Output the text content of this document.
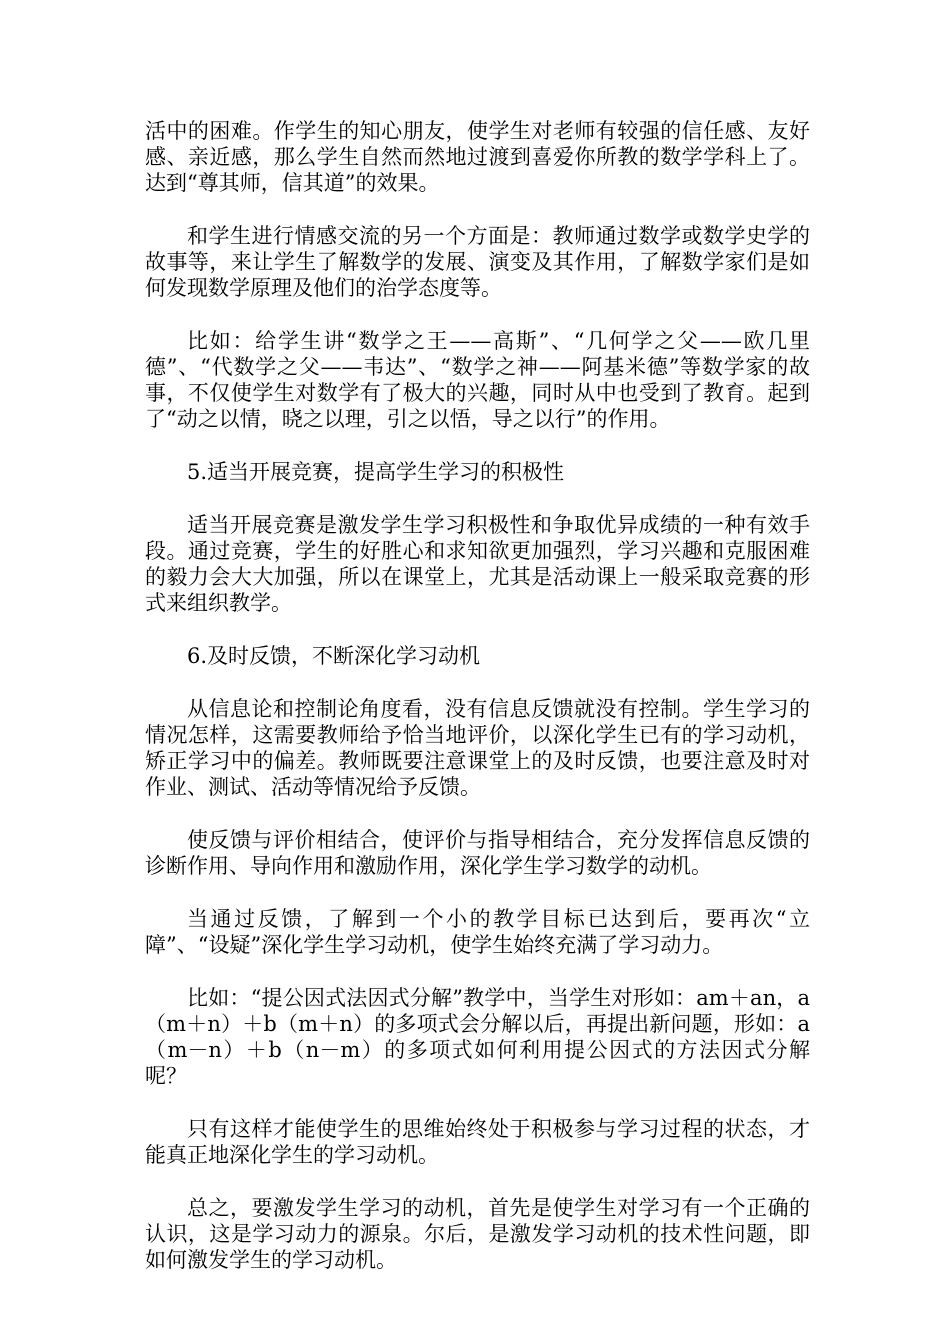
活中的困难。作学生的知心朋友，使学生对老师有较强的信任感、友好感、亲近感，那么学生自然而然地过渡到喜爱你所教的数学学科上了。达到“尊其师，信其道”的效果。

和学生进行情感交流的另一个方面是：教师通过数学或数学史学的故事等，来让学生了解数学的发展、演变及其作用，了解数学家们是如何发现数学原理及他们的治学态度等。

比如：给学生讲“数学之王——高斯”、“几何学之父——欧几里德”、“代数学之父——韦达”、“数学之神——阿基米德”等数学家的故事，不仅使学生对数学有了极大的兴趣，同时从中也受到了教育。起到了“动之以情，晓之以理，引之以悟，导之以行”的作用。

5.适当开展竞赛，提高学生学习的积极性

适当开展竞赛是激发学生学习积极性和争取优异成绩的一种有效手段。通过竞赛，学生的好胜心和求知欲更加强烈，学习兴趣和克服困难的毅力会大大加强，所以在课堂上，尤其是活动课上一般采取竞赛的形式来组织教学。

6.及时反馈，不断深化学习动机

从信息论和控制论角度看，没有信息反馈就没有控制。学生学习的情况怎样，这需要教师给予恰当地评价，以深化学生已有的学习动机，矫正学习中的偏差。教师既要注意课堂上的及时反馈，也要注意及时对作业、测试、活动等情况给予反馈。

使反馈与评价相结合，使评价与指导相结合，充分发挥信息反馈的诊断作用、导向作用和激励作用，深化学生学习数学的动机。

当通过反馈，了解到一个小的教学目标已达到后，要再次“立障”、“设疑”深化学生学习动机，使学生始终充满了学习动力。

比如：“提公因式法因式分解”教学中，当学生对形如：am＋an，a（m＋n）＋b（m＋n）的多项式会分解以后，再提出新问题，形如：a（m－n）＋b（n－m）的多项式如何利用提公因式的方法因式分解呢？

只有这样才能使学生的思维始终处于积极参与学习过程的状态，才能真正地深化学生的学习动机。

总之，要激发学生学习的动机，首先是使学生对学习有一个正确的认识，这是学习动力的源泉。尔后，是激发学习动机的技术性问题，即如何激发学生的学习动机。
